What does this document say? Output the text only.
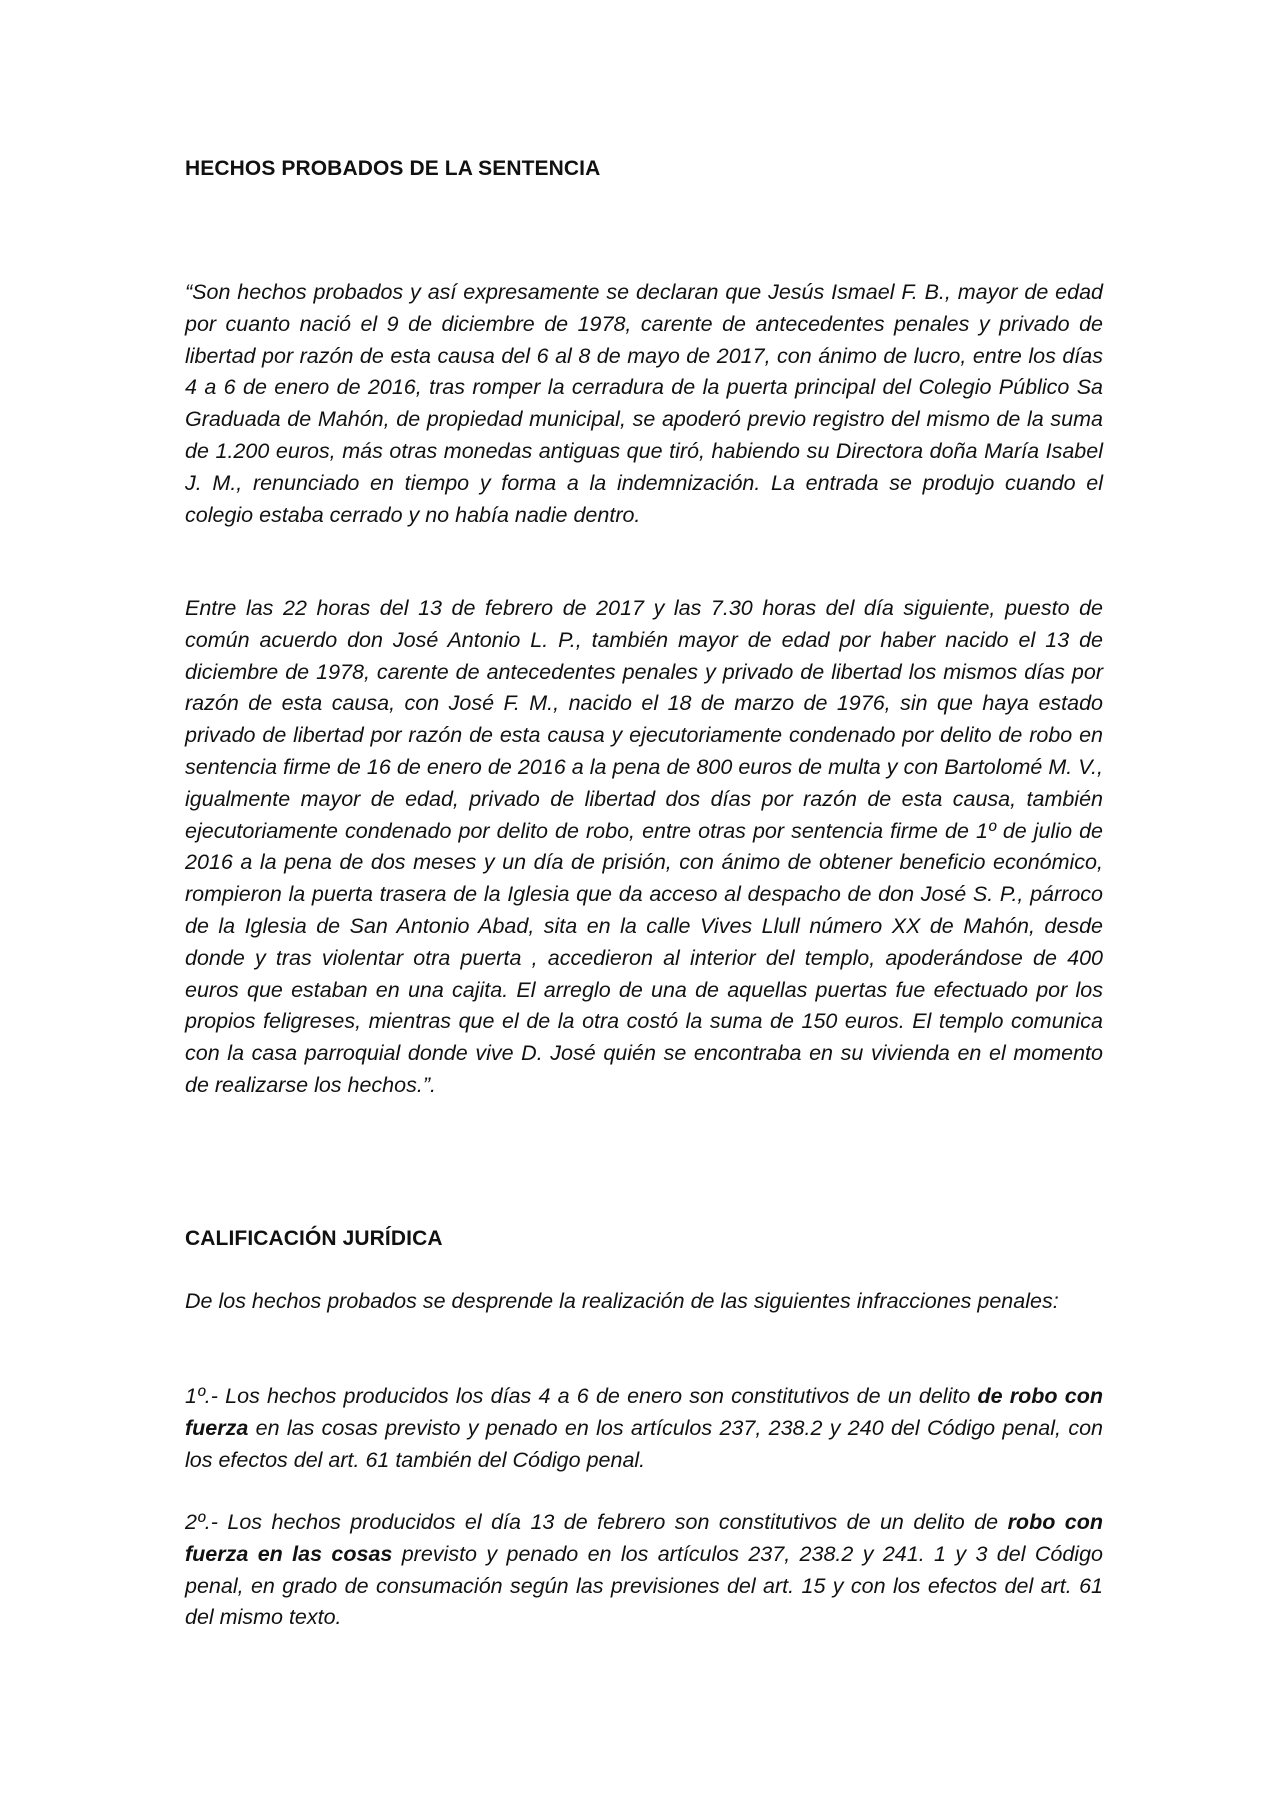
HECHOS PROBADOS DE LA SENTENCIA

“Son hechos probados y así expresamente se declaran que Jesús Ismael F. B., mayor de edad por cuanto nació el 9 de diciembre de 1978, carente de antecedentes penales y privado de libertad por razón de esta causa del 6 al 8 de mayo de 2017, con ánimo de lucro, entre los días 4 a 6 de enero de 2016, tras romper la cerradura de la puerta principal del Colegio Público Sa Graduada de Mahón, de propiedad municipal, se apoderó previo registro del mismo de la suma de 1.200 euros, más otras monedas antiguas que tiró, habiendo su Directora doña María Isabel J. M., renunciado en tiempo y forma a la indemnización. La entrada se produjo cuando el colegio estaba cerrado y no había nadie dentro.

Entre las 22 horas del 13 de febrero de 2017 y las 7.30 horas del día siguiente, puesto de común acuerdo don José Antonio L. P., también mayor de edad por haber nacido el 13 de diciembre de 1978, carente de antecedentes penales y privado de libertad los mismos días por razón de esta causa, con José F. M., nacido el 18 de marzo de 1976, sin que haya estado privado de libertad por razón de esta causa y ejecutoriamente condenado por delito de robo en sentencia firme de 16 de enero de 2016 a la pena de 800 euros de multa y con Bartolomé M. V., igualmente mayor de edad, privado de libertad dos días por razón de esta causa, también ejecutoriamente condenado por delito de robo, entre otras por sentencia firme de 1º de julio de 2016 a la pena de dos meses y un día de prisión, con ánimo de obtener beneficio económico, rompieron la puerta trasera de la Iglesia que da acceso al despacho de don José S. P., párroco de la Iglesia de San Antonio Abad, sita en la calle Vives Llull número XX de Mahón, desde donde y tras violentar otra puerta , accedieron al interior del templo, apoderándose de 400 euros que estaban en una cajita. El arreglo de una de aquellas puertas fue efectuado por los propios feligreses, mientras que el de la otra costó la suma de 150 euros. El templo comunica con la casa parroquial donde vive D. José quién se encontraba en su vivienda en el momento de realizarse los hechos.”.

CALIFICACIÓN JURÍDICA

De los hechos probados se desprende la realización de las siguientes infracciones penales:

1º.- Los hechos producidos los días 4 a 6 de enero son constitutivos de un delito de robo con fuerza en las cosas previsto y penado en los artículos 237, 238.2 y 240 del Código penal, con los efectos del art. 61 también del Código penal.

2º.- Los hechos producidos el día 13 de febrero son constitutivos de un delito de robo con fuerza en las cosas previsto y penado en los artículos 237, 238.2 y 241. 1 y 3 del Código penal, en grado de consumación según las previsiones del art. 15 y con los efectos del art. 61 del mismo texto.
